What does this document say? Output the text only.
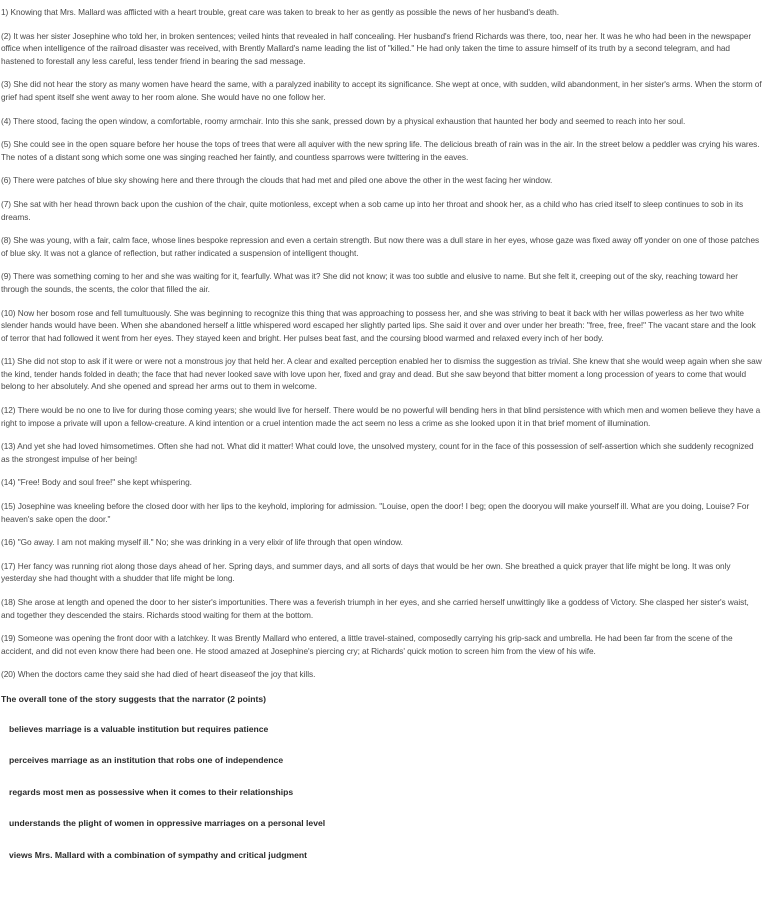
1) Knowing that Mrs. Mallard was afflicted with a heart trouble, great care was taken to break to her as gently as possible the news of her husband's death.

(2) It was her sister Josephine who told her, in broken sentences; veiled hints that revealed in half concealing. Her husband's friend Richards was there, too, near her. It was he who had been in the newspaper office when intelligence of the railroad disaster was received, with Brently Mallard's name leading the list of "killed." He had only taken the time to assure himself of its truth by a second telegram, and had hastened to forestall any less careful, less tender friend in bearing the sad message.

(3) She did not hear the story as many women have heard the same, with a paralyzed inability to accept its significance. She wept at once, with sudden, wild abandonment, in her sister's arms. When the storm of grief had spent itself she went away to her room alone. She would have no one follow her.

(4) There stood, facing the open window, a comfortable, roomy armchair. Into this she sank, pressed down by a physical exhaustion that haunted her body and seemed to reach into her soul.

(5) She could see in the open square before her house the tops of trees that were all aquiver with the new spring life. The delicious breath of rain was in the air. In the street below a peddler was crying his wares. The notes of a distant song which some one was singing reached her faintly, and countless sparrows were twittering in the eaves.

(6) There were patches of blue sky showing here and there through the clouds that had met and piled one above the other in the west facing her window.

(7) She sat with her head thrown back upon the cushion of the chair, quite motionless, except when a sob came up into her throat and shook her, as a child who has cried itself to sleep continues to sob in its dreams.

(8) She was young, with a fair, calm face, whose lines bespoke repression and even a certain strength. But now there was a dull stare in her eyes, whose gaze was fixed away off yonder on one of those patches of blue sky. It was not a glance of reflection, but rather indicated a suspension of intelligent thought.

(9) There was something coming to her and she was waiting for it, fearfully. What was it? She did not know; it was too subtle and elusive to name. But she felt it, creeping out of the sky, reaching toward her through the sounds, the scents, the color that filled the air.

(10) Now her bosom rose and fell tumultuously. She was beginning to recognize this thing that was approaching to possess her, and she was striving to beat it back with her willas powerless as her two white slender hands would have been. When she abandoned herself a little whispered word escaped her slightly parted lips. She said it over and over under her breath: "free, free, free!" The vacant stare and the look of terror that had followed it went from her eyes. They stayed keen and bright. Her pulses beat fast, and the coursing blood warmed and relaxed every inch of her body.

(11) She did not stop to ask if it were or were not a monstrous joy that held her. A clear and exalted perception enabled her to dismiss the suggestion as trivial. She knew that she would weep again when she saw the kind, tender hands folded in death; the face that had never looked save with love upon her, fixed and gray and dead. But she saw beyond that bitter moment a long procession of years to come that would belong to her absolutely. And she opened and spread her arms out to them in welcome.

(12) There would be no one to live for during those coming years; she would live for herself. There would be no powerful will bending hers in that blind persistence with which men and women believe they have a right to impose a private will upon a fellow-creature. A kind intention or a cruel intention made the act seem no less a crime as she looked upon it in that brief moment of illumination.

(13) And yet she had loved himsometimes. Often she had not. What did it matter! What could love, the unsolved mystery, count for in the face of this possession of self-assertion which she suddenly recognized as the strongest impulse of her being!

(14) "Free! Body and soul free!" she kept whispering.

(15) Josephine was kneeling before the closed door with her lips to the keyhold, imploring for admission. "Louise, open the door! I beg; open the dooryou will make yourself ill. What are you doing, Louise? For heaven's sake open the door."

(16) "Go away. I am not making myself ill." No; she was drinking in a very elixir of life through that open window.

(17) Her fancy was running riot along those days ahead of her. Spring days, and summer days, and all sorts of days that would be her own. She breathed a quick prayer that life might be long. It was only yesterday she had thought with a shudder that life might be long.

(18) She arose at length and opened the door to her sister's importunities. There was a feverish triumph in her eyes, and she carried herself unwittingly like a goddess of Victory. She clasped her sister's waist, and together they descended the stairs. Richards stood waiting for them at the bottom.

(19) Someone was opening the front door with a latchkey. It was Brently Mallard who entered, a little travel-stained, composedly carrying his grip-sack and umbrella. He had been far from the scene of the accident, and did not even know there had been one. He stood amazed at Josephine's piercing cry; at Richards' quick motion to screen him from the view of his wife.

(20) When the doctors came they said she had died of heart diseaseof the joy that kills.

The overall tone of the story suggests that the narrator (2 points)
believes marriage is a valuable institution but requires patience
perceives marriage as an institution that robs one of independence
regards most men as possessive when it comes to their relationships
understands the plight of women in oppressive marriages on a personal level
views Mrs. Mallard with a combination of sympathy and critical judgment
